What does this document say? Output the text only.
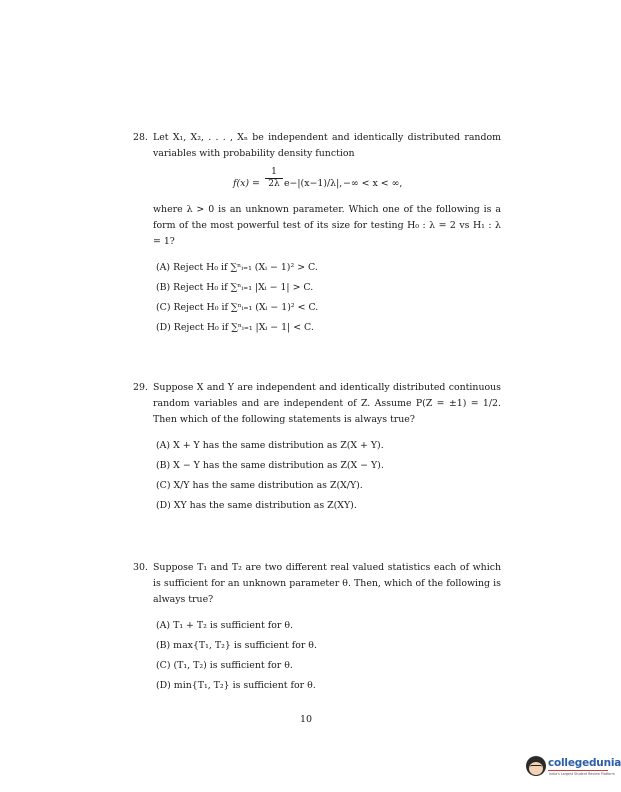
28. Let X₁, X₂, . . . , Xₙ be independent and identically distributed random variables with probability density function
$f(x) = \frac{1}{2\lambda} e-|(x-1)/\lambda|$, −∞ < x < ∞,
where λ > 0 is an unknown parameter. Which one of the following is a form of the most powerful test of its size for testing H₀ : λ = 2 vs H₁ : λ = 1?
(A) Reject H₀ if ∑ⁿᵢ₌₁ (Xᵢ − 1)² > C.
(B) Reject H₀ if ∑ⁿᵢ₌₁ |Xᵢ − 1| > C.
(C) Reject H₀ if ∑ⁿᵢ₌₁ (Xᵢ − 1)² < C.
(D) Reject H₀ if ∑ⁿᵢ₌₁ |Xᵢ − 1| < C.
29. Suppose X and Y are independent and identically distributed continuous random variables and are independent of Z. Assume P(Z = ±1) = 1/2. Then which of the following statements is always true?
(A) X + Y has the same distribution as Z(X + Y).
(B) X − Y has the same distribution as Z(X − Y).
(C) X/Y has the same distribution as Z(X/Y).
(D) XY has the same distribution as Z(XY).
30. Suppose T₁ and T₂ are two different real valued statistics each of which is sufficient for an unknown parameter θ. Then, which of the following is always true?
(A) T₁ + T₂ is sufficient for θ.
(B) max{T₁, T₂} is sufficient for θ.
(C) (T₁, T₂) is sufficient for θ.
(D) min{T₁, T₂} is sufficient for θ.
10
collegedunia
India's Largest Student Review Platform
